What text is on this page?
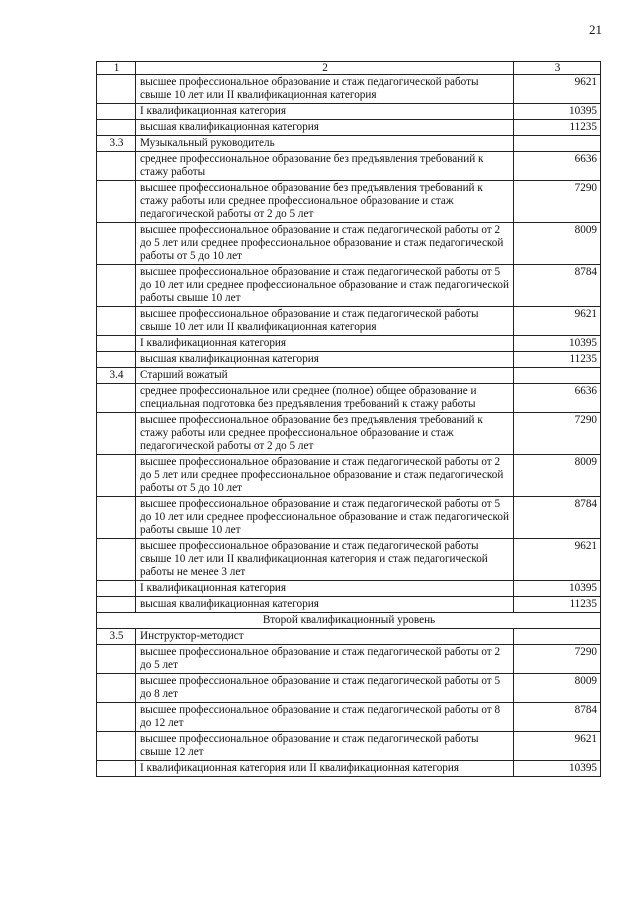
21
1	2	3
	высшее профессиональное образование и стаж педагогической работы свыше 10 лет или II квалификационная категория	9621
	I квалификационная категория	10395
	высшая квалификационная категория	11235
3.3	Музыкальный руководитель	
	среднее профессиональное образование без предъявления требований к стажу работы	6636
	высшее профессиональное образование без предъявления требований к стажу работы или среднее профессиональное образование и стаж педагогической работы от 2 до 5 лет	7290
	высшее профессиональное образование и стаж педагогической работы от 2 до 5 лет или среднее профессиональное образование и стаж педагогической работы от 5 до 10 лет	8009
	высшее профессиональное образование и стаж педагогической работы от 5 до 10 лет или среднее профессиональное образование и стаж педагогической работы свыше 10 лет	8784
	высшее профессиональное образование и стаж педагогической работы свыше 10 лет или II квалификационная категория	9621
	I квалификационная категория	10395
	высшая квалификационная категория	11235
3.4	Старший вожатый	
	среднее профессиональное или среднее (полное) общее образование и специальная подготовка без предъявления требований к стажу работы	6636
	высшее профессиональное образование без предъявления требований к стажу работы или среднее профессиональное образование и стаж педагогической работы от 2 до 5 лет	7290
	высшее профессиональное образование и стаж педагогической работы от 2 до 5 лет или среднее профессиональное образование и стаж педагогической работы от 5 до 10 лет	8009
	высшее профессиональное образование и стаж педагогической работы от 5 до 10 лет или среднее профессиональное образование и стаж педагогической работы свыше 10 лет	8784
	высшее профессиональное образование и стаж педагогической работы свыше 10 лет или II квалификационная категория и стаж педагогической работы не менее 3 лет	9621
	I квалификационная категория	10395
	высшая квалификационная категория	11235
Второй квалификационный уровень		
3.5	Инструктор-методист	
	высшее профессиональное образование и стаж педагогической работы от 2 до 5 лет	7290
	высшее профессиональное образование и стаж педагогической работы от 5 до 8 лет	8009
	высшее профессиональное образование и стаж педагогической работы от 8 до 12 лет	8784
	высшее профессиональное образование и стаж педагогической работы свыше 12 лет	9621
	I квалификационная категория или II квалификационная категория	10395
